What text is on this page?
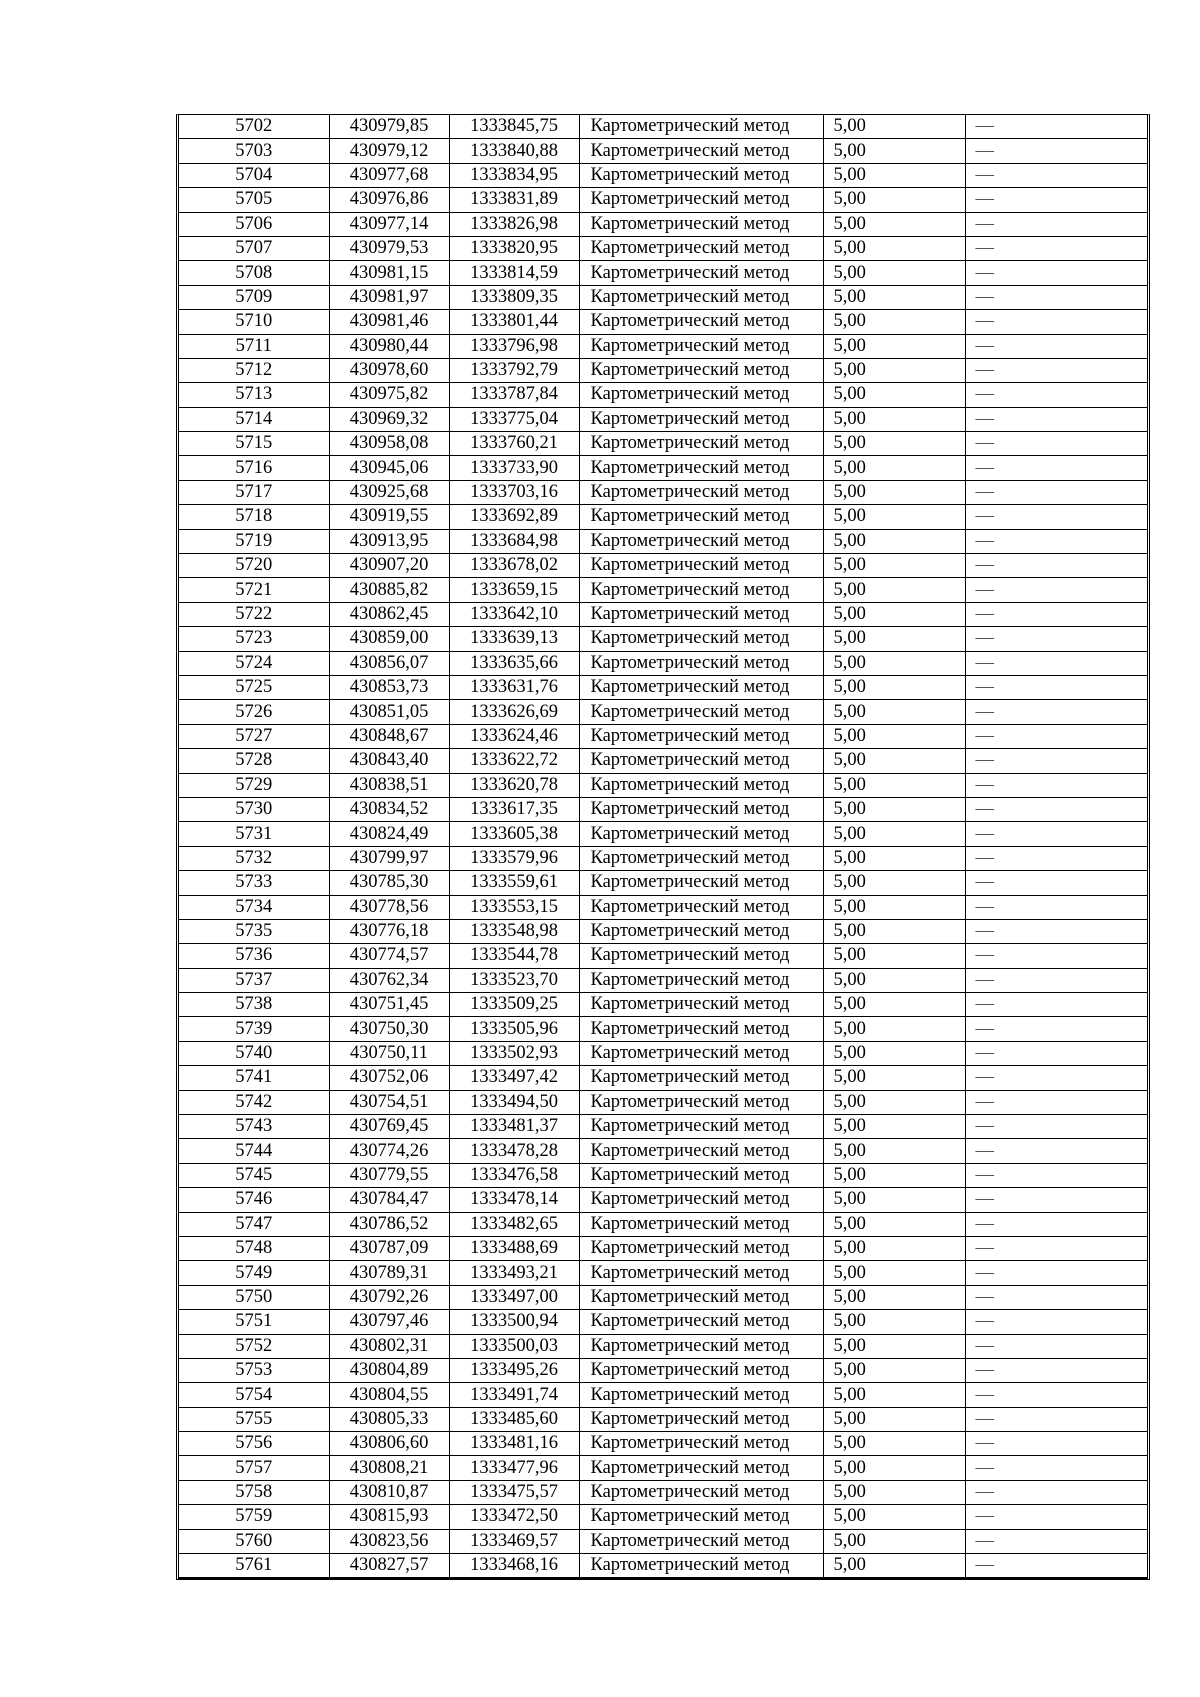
5702	430979,85	1333845,75	Картометрический метод	5,00	—
5703	430979,12	1333840,88	Картометрический метод	5,00	—
5704	430977,68	1333834,95	Картометрический метод	5,00	—
5705	430976,86	1333831,89	Картометрический метод	5,00	—
5706	430977,14	1333826,98	Картометрический метод	5,00	—
5707	430979,53	1333820,95	Картометрический метод	5,00	—
5708	430981,15	1333814,59	Картометрический метод	5,00	—
5709	430981,97	1333809,35	Картометрический метод	5,00	—
5710	430981,46	1333801,44	Картометрический метод	5,00	—
5711	430980,44	1333796,98	Картометрический метод	5,00	—
5712	430978,60	1333792,79	Картометрический метод	5,00	—
5713	430975,82	1333787,84	Картометрический метод	5,00	—
5714	430969,32	1333775,04	Картометрический метод	5,00	—
5715	430958,08	1333760,21	Картометрический метод	5,00	—
5716	430945,06	1333733,90	Картометрический метод	5,00	—
5717	430925,68	1333703,16	Картометрический метод	5,00	—
5718	430919,55	1333692,89	Картометрический метод	5,00	—
5719	430913,95	1333684,98	Картометрический метод	5,00	—
5720	430907,20	1333678,02	Картометрический метод	5,00	—
5721	430885,82	1333659,15	Картометрический метод	5,00	—
5722	430862,45	1333642,10	Картометрический метод	5,00	—
5723	430859,00	1333639,13	Картометрический метод	5,00	—
5724	430856,07	1333635,66	Картометрический метод	5,00	—
5725	430853,73	1333631,76	Картометрический метод	5,00	—
5726	430851,05	1333626,69	Картометрический метод	5,00	—
5727	430848,67	1333624,46	Картометрический метод	5,00	—
5728	430843,40	1333622,72	Картометрический метод	5,00	—
5729	430838,51	1333620,78	Картометрический метод	5,00	—
5730	430834,52	1333617,35	Картометрический метод	5,00	—
5731	430824,49	1333605,38	Картометрический метод	5,00	—
5732	430799,97	1333579,96	Картометрический метод	5,00	—
5733	430785,30	1333559,61	Картометрический метод	5,00	—
5734	430778,56	1333553,15	Картометрический метод	5,00	—
5735	430776,18	1333548,98	Картометрический метод	5,00	—
5736	430774,57	1333544,78	Картометрический метод	5,00	—
5737	430762,34	1333523,70	Картометрический метод	5,00	—
5738	430751,45	1333509,25	Картометрический метод	5,00	—
5739	430750,30	1333505,96	Картометрический метод	5,00	—
5740	430750,11	1333502,93	Картометрический метод	5,00	—
5741	430752,06	1333497,42	Картометрический метод	5,00	—
5742	430754,51	1333494,50	Картометрический метод	5,00	—
5743	430769,45	1333481,37	Картометрический метод	5,00	—
5744	430774,26	1333478,28	Картометрический метод	5,00	—
5745	430779,55	1333476,58	Картометрический метод	5,00	—
5746	430784,47	1333478,14	Картометрический метод	5,00	—
5747	430786,52	1333482,65	Картометрический метод	5,00	—
5748	430787,09	1333488,69	Картометрический метод	5,00	—
5749	430789,31	1333493,21	Картометрический метод	5,00	—
5750	430792,26	1333497,00	Картометрический метод	5,00	—
5751	430797,46	1333500,94	Картометрический метод	5,00	—
5752	430802,31	1333500,03	Картометрический метод	5,00	—
5753	430804,89	1333495,26	Картометрический метод	5,00	—
5754	430804,55	1333491,74	Картометрический метод	5,00	—
5755	430805,33	1333485,60	Картометрический метод	5,00	—
5756	430806,60	1333481,16	Картометрический метод	5,00	—
5757	430808,21	1333477,96	Картометрический метод	5,00	—
5758	430810,87	1333475,57	Картометрический метод	5,00	—
5759	430815,93	1333472,50	Картометрический метод	5,00	—
5760	430823,56	1333469,57	Картометрический метод	5,00	—
5761	430827,57	1333468,16	Картометрический метод	5,00	—
